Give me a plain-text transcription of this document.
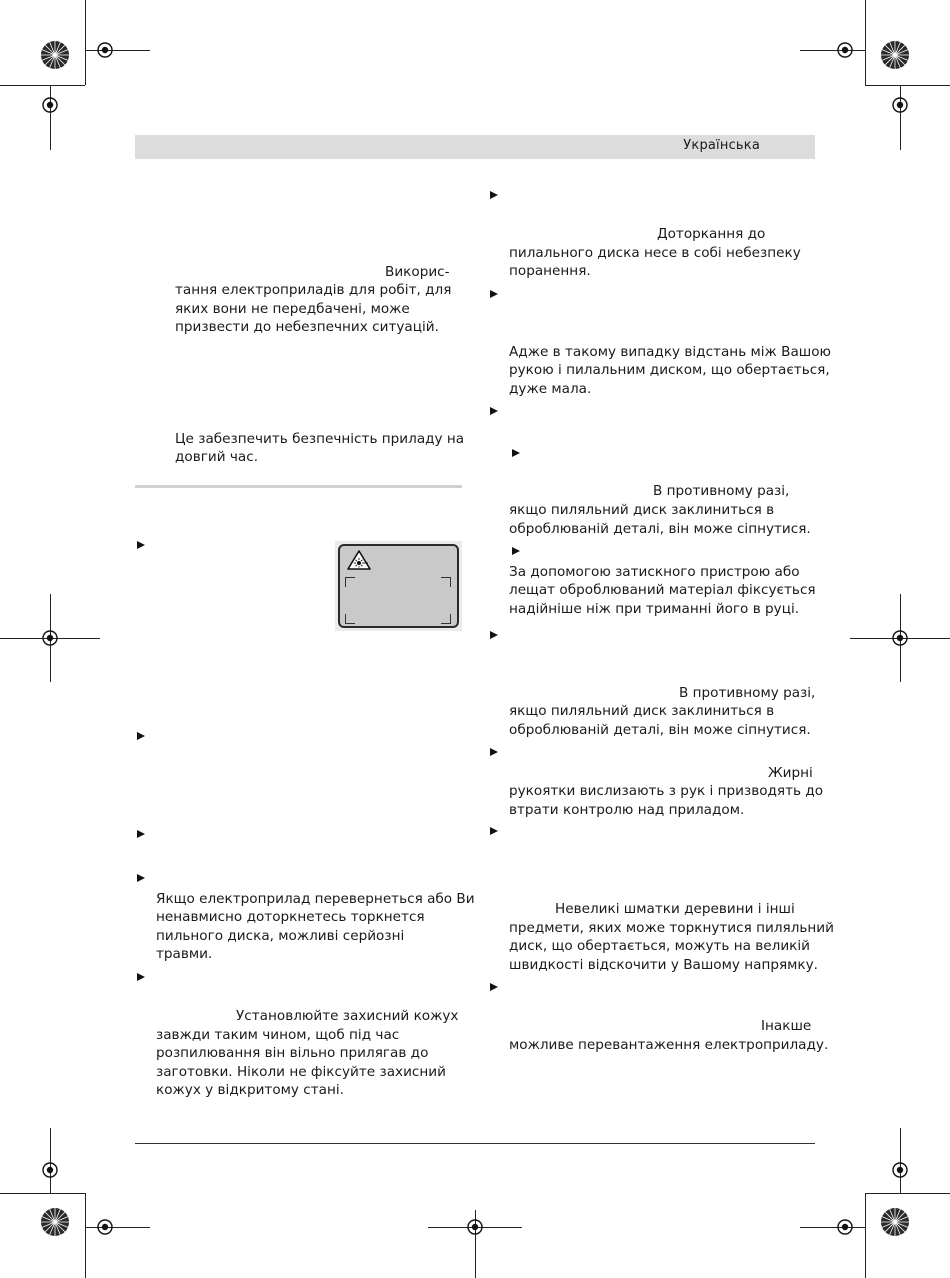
Українська
Викорис-
тання електроприладів для робіт, для
яких вони не передбачені, може
призвести до небезпечних ситуацій.
Це забезпечить безпечність приладу на
довгий час.
Якщо електроприлад перевернеться або Ви
ненавмисно доторкнетесь торкнется
пильного диска, можливі серйозні
травми.
Установлюйте захисний кожух
завжди таким чином, щоб під час
розпилювання він вільно прилягав до
заготовки. Ніколи не фіксуйте захисний
кожух у відкритому стані.
Доторкання до
пилального диска несе в собі небезпеку
поранення.
Адже в такому випадку відстань між Вашою
рукою і пилальним диском, що обертається,
дуже мала.
В противному разі,
якщо пиляльний диск заклиниться в
оброблюваній деталі, він може сіпнутися.
За допомогою затискного пристрою або
лещат оброблюваний матеріал фіксується
надійніше ніж при триманні його в руці.
В противному разі,
якщо пиляльний диск заклиниться в
оброблюваній деталі, він може сіпнутися.
Жирні
рукоятки вислизають з рук і призводять до
втрати контролю над приладом.
Невеликі шматки деревини і інші
предмети, яких може торкнутися пиляльний
диск, що обертається, можуть на великій
швидкості відскочити у Вашому напрямку.
Інакше
можливе перевантаження електроприладу.
